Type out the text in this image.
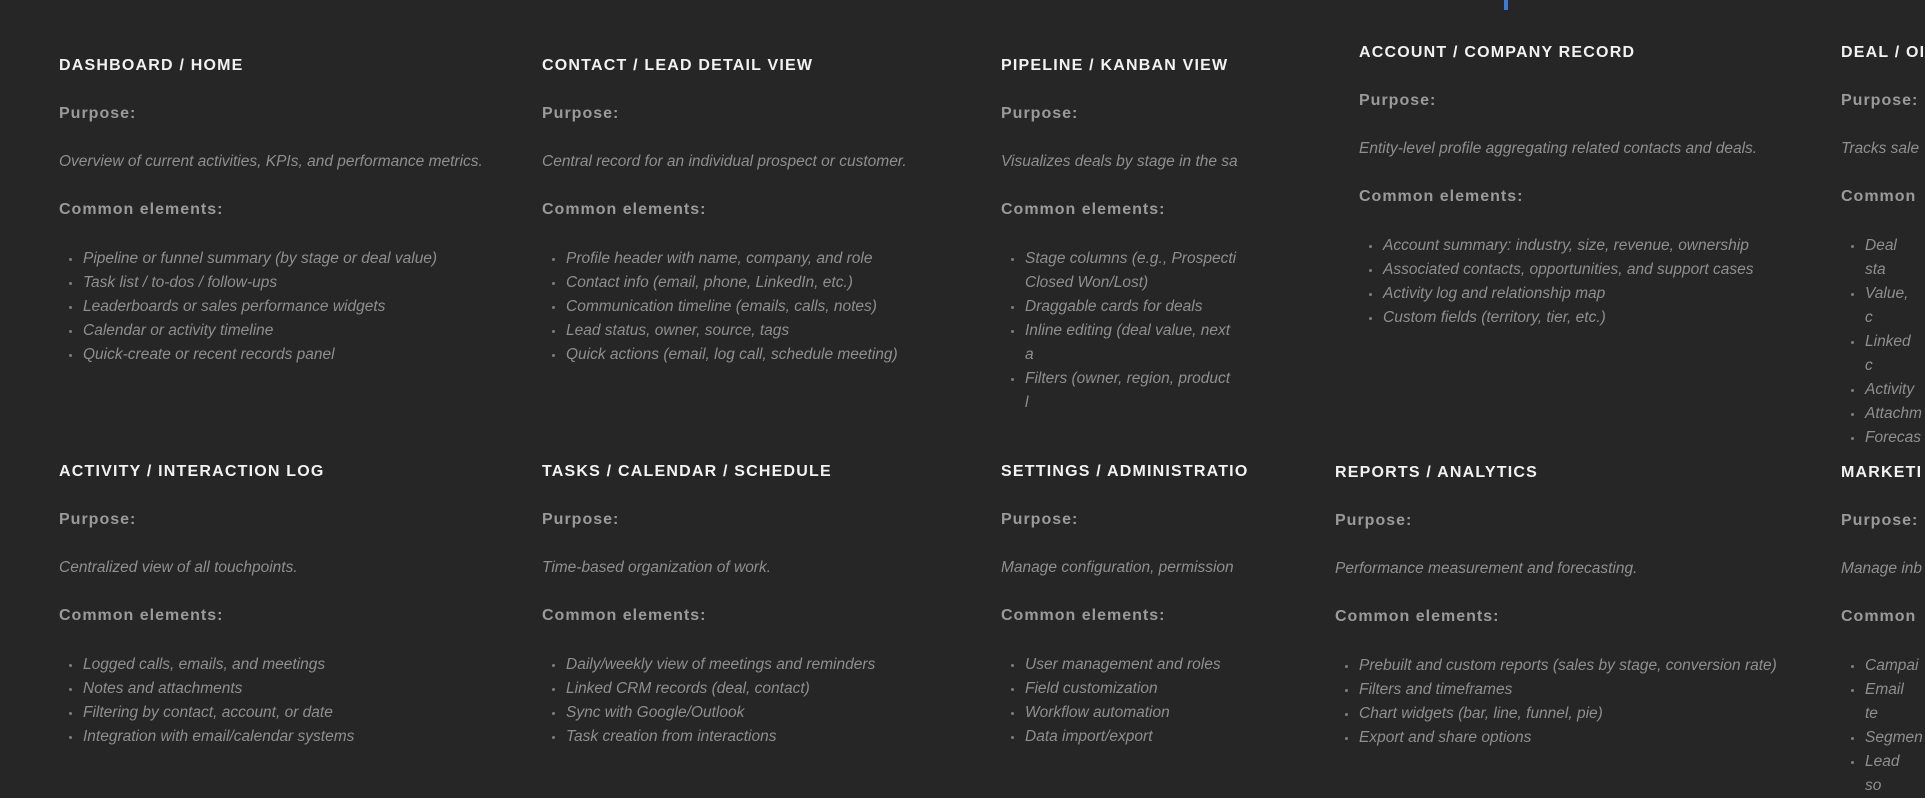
DASHBOARD / HOME

Purpose:

Overview of current activities, KPIs, and performance metrics.

Common elements:

Pipeline or funnel summary (by stage or deal value)
Task list / to-dos / follow-ups
Leaderboards or sales performance widgets
Calendar or activity timeline
Quick-create or recent records panel
CONTACT / LEAD DETAIL VIEW

Purpose:

Central record for an individual prospect or customer.

Common elements:

Profile header with name, company, and role
Contact info (email, phone, LinkedIn, etc.)
Communication timeline (emails, calls, notes)
Lead status, owner, source, tags
Quick actions (email, log call, schedule meeting)
PIPELINE / KANBAN VIEW

Purpose:

Visualizes deals by stage in the sa

Common elements:

Stage columns (e.g., Prospecti
Closed Won/Lost)
Draggable cards for deals
Inline editing (deal value, next a
Filters (owner, region, product l
ACCOUNT / COMPANY RECORD

Purpose:

Entity-level profile aggregating related contacts and deals.

Common elements:

Account summary: industry, size, revenue, ownership
Associated contacts, opportunities, and support cases
Activity log and relationship map
Custom fields (territory, tier, etc.)
DEAL / OI

Purpose:

Tracks sale

Common

Deal sta
Value, c
Linked c
Activity
Attachm
Forecas
ACTIVITY / INTERACTION LOG

Purpose:

Centralized view of all touchpoints.

Common elements:

Logged calls, emails, and meetings
Notes and attachments
Filtering by contact, account, or date
Integration with email/calendar systems
TASKS / CALENDAR / SCHEDULE

Purpose:

Time-based organization of work.

Common elements:

Daily/weekly view of meetings and reminders
Linked CRM records (deal, contact)
Sync with Google/Outlook
Task creation from interactions
SETTINGS / ADMINISTRATIO

Purpose:

Manage configuration, permission

Common elements:

User management and roles
Field customization
Workflow automation
Data import/export
REPORTS / ANALYTICS

Purpose:

Performance measurement and forecasting.

Common elements:

Prebuilt and custom reports (sales by stage, conversion rate)
Filters and timeframes
Chart widgets (bar, line, funnel, pie)
Export and share options
MARKETI

Purpose:

Manage inb

Common

Campai
Email te
Segmen
Lead so
